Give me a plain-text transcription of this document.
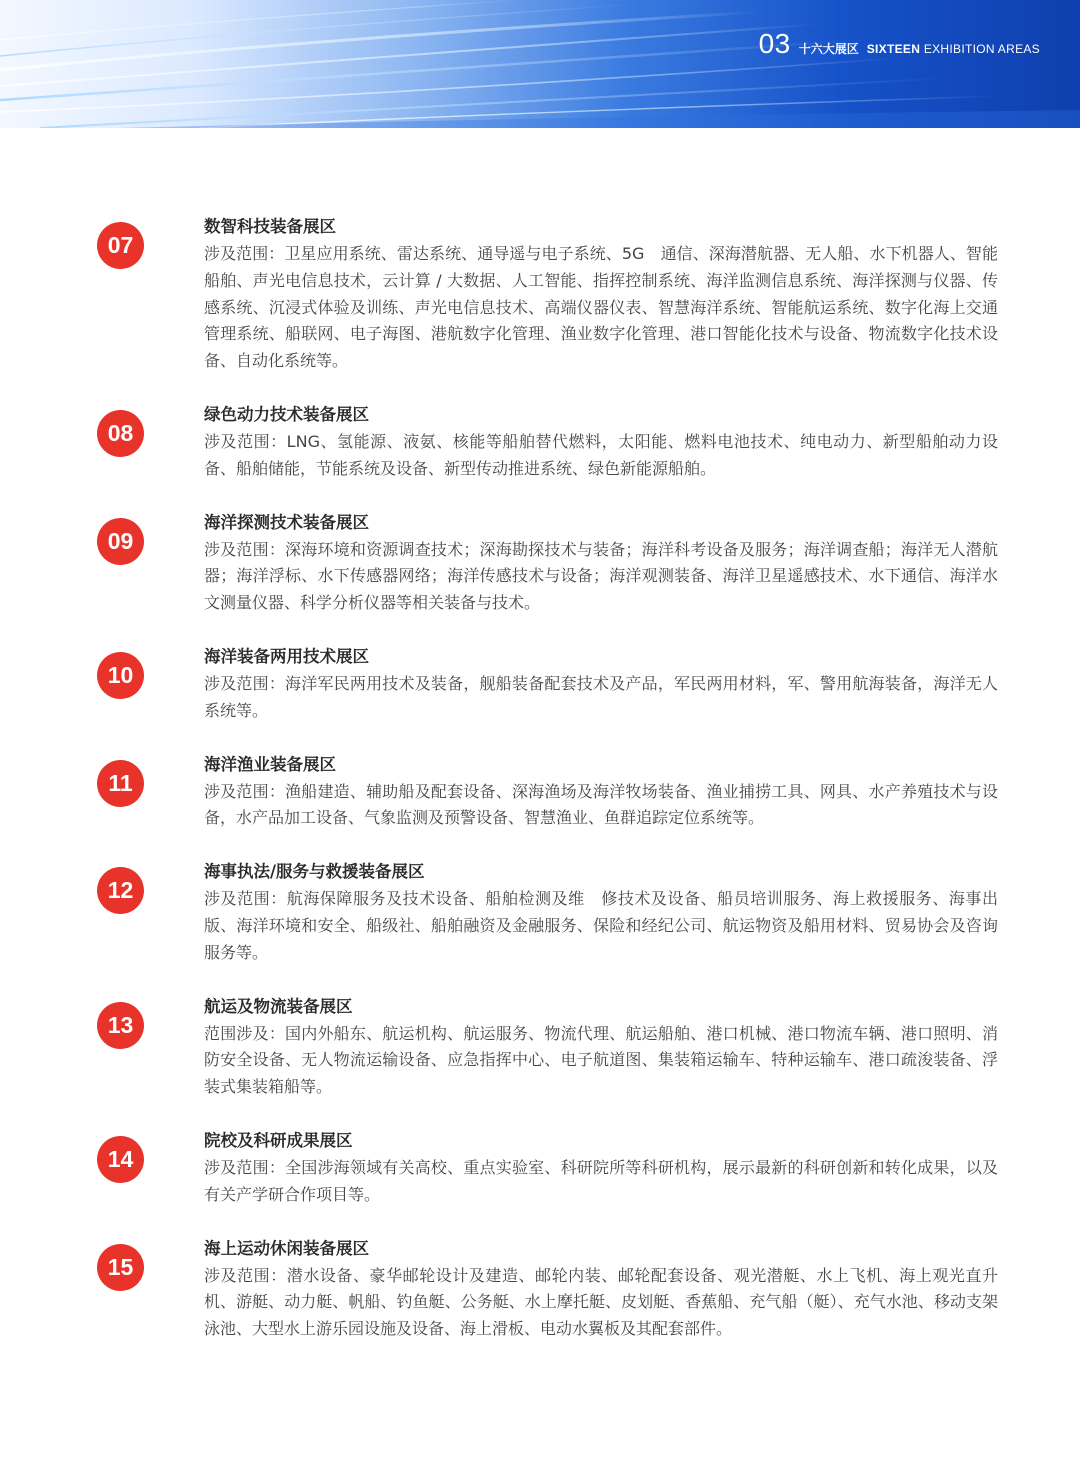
03 十六大展区 SIXTEEN EXHIBITION AREAS
07
数智科技装备展区

涉及范围：卫星应用系统、雷达系统、通导遥与电子系统、5G　通信、深海潜航器、无人船、水下机器人、智能船舶、声光电信息技术，云计算 / 大数据、人工智能、指挥控制系统、海洋监测信息系统、海洋探测与仪器、传感系统、沉浸式体验及训练、声光电信息技术、高端仪器仪表、智慧海洋系统、智能航运系统、数字化海上交通管理系统、船联网、电子海图、港航数字化管理、渔业数字化管理、港口智能化技术与设备、物流数字化技术设备、自动化系统等。

08
绿色动力技术装备展区

涉及范围：LNG、氢能源、液氨、核能等船舶替代燃料，太阳能、燃料电池技术、纯电动力、新型船舶动力设备、船舶储能，节能系统及设备、新型传动推进系统、绿色新能源船舶。

09
海洋探测技术装备展区

涉及范围：深海环境和资源调查技术；深海勘探技术与装备；海洋科考设备及服务；海洋调查船；海洋无人潜航器；海洋浮标、水下传感器网络；海洋传感技术与设备；海洋观测装备、海洋卫星遥感技术、水下通信、海洋水文测量仪器、科学分析仪器等相关装备与技术。

10
海洋装备两用技术展区

涉及范围：海洋军民两用技术及装备，舰船装备配套技术及产品，军民两用材料，军、警用航海装备，海洋无人系统等。

11
海洋渔业装备展区

涉及范围：渔船建造、辅助船及配套设备、深海渔场及海洋牧场装备、渔业捕捞工具、网具、水产养殖技术与设备，水产品加工设备、气象监测及预警设备、智慧渔业、鱼群追踪定位系统等。

12
海事执法/服务与救援装备展区

涉及范围：航海保障服务及技术设备、船舶检测及维　修技术及设备、船员培训服务、海上救援服务、海事出版、海洋环境和安全、船级社、船舶融资及金融服务、保险和经纪公司、航运物资及船用材料、贸易协会及咨询服务等。

13
航运及物流装备展区

范围涉及：国内外船东、航运机构、航运服务、物流代理、航运船舶、港口机械、港口物流车辆、港口照明、消防安全设备、无人物流运输设备、应急指挥中心、电子航道图、集装箱运输车、特种运输车、港口疏浚装备、浮装式集装箱船等。

14
院校及科研成果展区

涉及范围：全国涉海领域有关高校、重点实验室、科研院所等科研机构，展示最新的科研创新和转化成果，以及有关产学研合作项目等。

15
海上运动休闲装备展区

涉及范围：潜水设备、豪华邮轮设计及建造、邮轮内装、邮轮配套设备、观光潜艇、水上飞机、海上观光直升机、游艇、动力艇、帆船、钓鱼艇、公务艇、水上摩托艇、皮划艇、香蕉船、充气船（艇）、充气水池、移动支架泳池、大型水上游乐园设施及设备、海上滑板、电动水翼板及其配套部件。
